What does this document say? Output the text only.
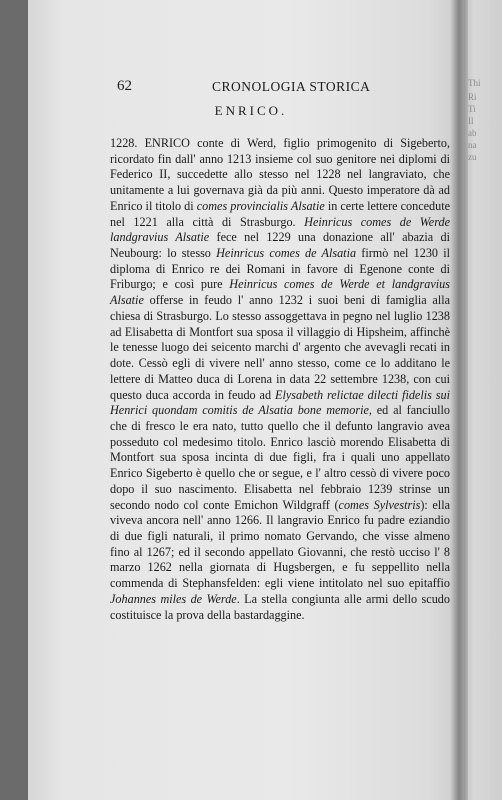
Thi
Ri
Ti
Il
ab
na
zu
62	CRONOLOGIA STORICA
ENRICO.
1228. ENRICO conte di Werd, figlio primogenito di Sigeberto, ricordato fin dall' anno 1213 insieme col suo genitore nei diplomi di Federico II, succedette allo stesso nel 1228 nel langraviato, che unitamente a lui governava già da più anni. Questo imperatore dà ad Enrico il titolo di comes provincialis Alsatie in certe lettere concedute nel 1221 alla città di Strasburgo. Heinricus comes de Werde landgravius Alsatie fece nel 1229 una donazione all' abazia di Neubourg: lo stesso Heinricus comes de Alsatia firmò nel 1230 il diploma di Enrico re dei Romani in favore di Egenone conte di Friburgo; e così pure Heinricus comes de Werde et landgravius Alsatie offerse in feudo l' anno 1232 i suoi beni di famiglia alla chiesa di Strasburgo. Lo stesso assoggettava in pegno nel luglio 1238 ad Elisabetta di Montfort sua sposa il villaggio di Hipsheim, affinchè le tenesse luogo dei seicento marchi d' argento che avevagli recati in dote. Cessò egli di vivere nell' anno stesso, come ce lo additano le lettere di Matteo duca di Lorena in data 22 settembre 1238, con cui questo duca accorda in feudo ad Elysabeth relictae dilecti fidelis sui Henrici quondam comitis de Alsatia bone memorie, ed al fanciullo che di fresco le era nato, tutto quello che il defunto langravio avea posseduto col medesimo titolo. Enrico lasciò morendo Elisabetta di Montfort sua sposa incinta di due figli, fra i quali uno appellato Enrico Sigeberto è quello che or segue, e l' altro cessò di vivere poco dopo il suo nascimento. Elisabetta nel febbraio 1239 strinse un secondo nodo col conte Emichon Wildgraff (comes Sylvestris): ella viveva ancora nell' anno 1266. Il langravio Enrico fu padre eziandio di due figli naturali, il primo nomato Gervando, che visse almeno fino al 1267; ed il secondo appellato Giovanni, che restò ucciso l' 8 marzo 1262 nella giornata di Hugsbergen, e fu seppellito nella commenda di Stephansfelden: egli viene intitolato nel suo epitaffio Johannes miles de Werde. La stella congiunta alle armi dello scudo costituisce la prova della bastardaggine.
